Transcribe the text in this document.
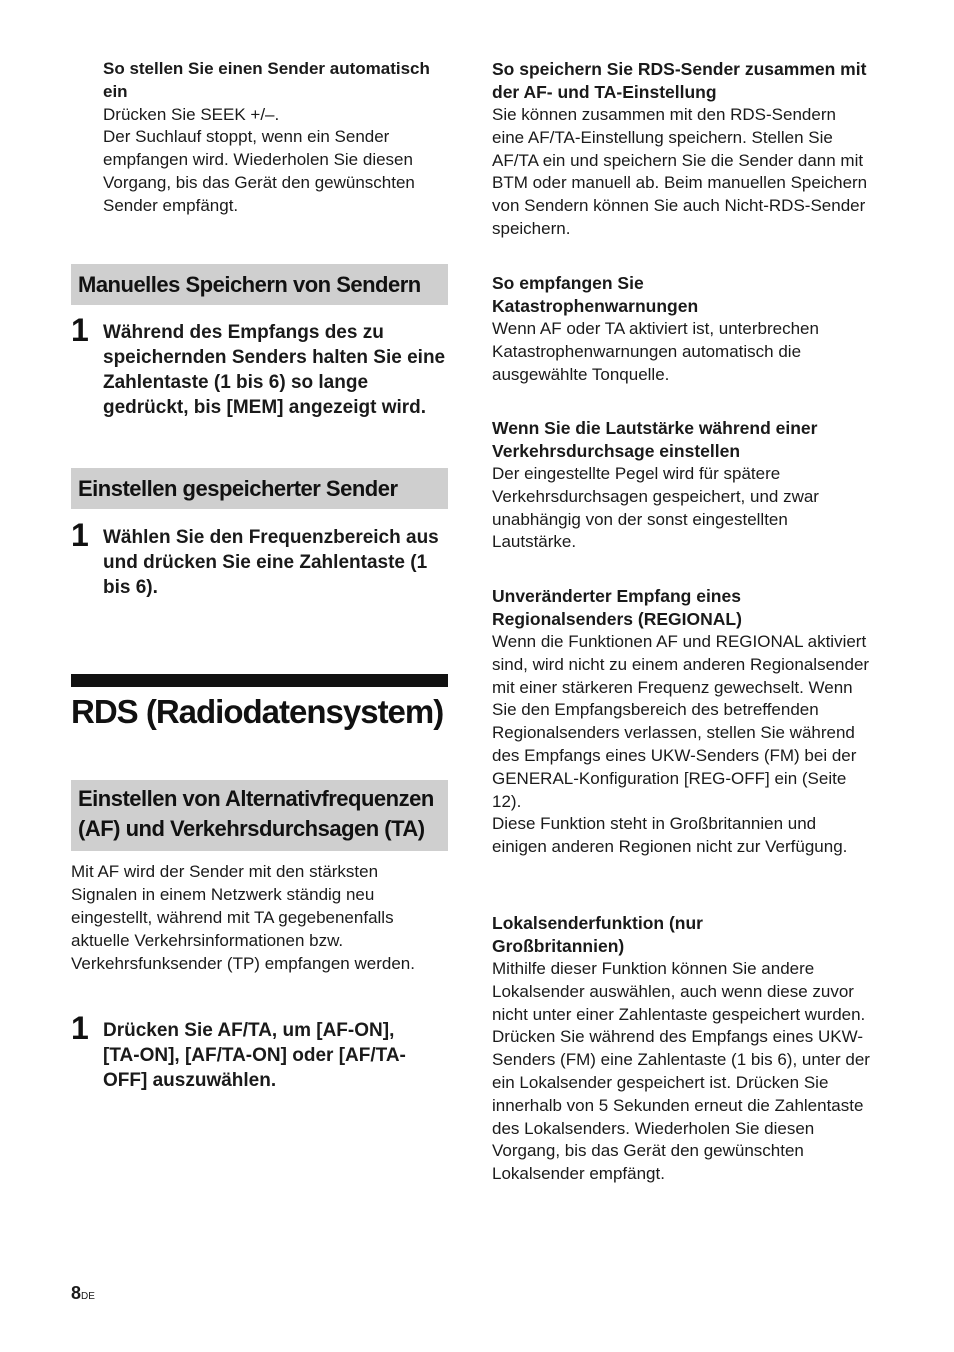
So stellen Sie einen Sender automatisch ein

Drücken Sie SEEK +/–.

Der Suchlauf stoppt, wenn ein Sender empfangen wird. Wiederholen Sie diesen Vorgang, bis das Gerät den gewünschten Sender empfängt.

Manuelles Speichern von Sendern
1 Während des Empfangs des zu speichernden Senders halten Sie eine Zahlentaste (1 bis 6) so lange gedrückt, bis [MEM] angezeigt wird.

Einstellen gespeicherter Sender
1 Wählen Sie den Frequenzbereich aus und drücken Sie eine Zahlentaste (1 bis 6).

RDS (Radiodatensystem)
Einstellen von Alternativfrequenzen
(AF) und Verkehrsdurchsagen (TA)

Mit AF wird der Sender mit den stärksten Signalen in einem Netzwerk ständig neu eingestellt, während mit TA gegebenenfalls aktuelle Verkehrsinformationen bzw. Verkehrsfunksender (TP) empfangen werden.

1 Drücken Sie AF/TA, um [AF-ON], [TA-ON], [AF/TA-ON] oder [AF/TA-OFF] auszuwählen.

8DE

So speichern Sie RDS-Sender zusammen mit der AF- und TA-Einstellung

Sie können zusammen mit den RDS-Sendern eine AF/TA-Einstellung speichern. Stellen Sie AF/TA ein und speichern Sie die Sender dann mit BTM oder manuell ab. Beim manuellen Speichern von Sendern können Sie auch Nicht-RDS-Sender speichern.

So empfangen Sie Katastrophenwarnungen

Wenn AF oder TA aktiviert ist, unterbrechen Katastrophenwarnungen automatisch die ausgewählte Tonquelle.

Wenn Sie die Lautstärke während einer Verkehrsdurchsage einstellen

Der eingestellte Pegel wird für spätere Verkehrsdurchsagen gespeichert, und zwar unabhängig von der sonst eingestellten Lautstärke.

Unveränderter Empfang eines Regionalsenders (REGIONAL)

Wenn die Funktionen AF und REGIONAL aktiviert sind, wird nicht zu einem anderen Regionalsender mit einer stärkeren Frequenz gewechselt. Wenn Sie den Empfangsbereich des betreffenden Regionalsenders verlassen, stellen Sie während des Empfangs eines UKW-Senders (FM) bei der GENERAL-Konfiguration [REG-OFF] ein (Seite 12).

Diese Funktion steht in Großbritannien und einigen anderen Regionen nicht zur Verfügung.

Lokalsenderfunktion (nur Großbritannien)

Mithilfe dieser Funktion können Sie andere Lokalsender auswählen, auch wenn diese zuvor nicht unter einer Zahlentaste gespeichert wurden.

Drücken Sie während des Empfangs eines UKW-Senders (FM) eine Zahlentaste (1 bis 6), unter der ein Lokalsender gespeichert ist. Drücken Sie innerhalb von 5 Sekunden erneut die Zahlentaste des Lokalsenders. Wiederholen Sie diesen Vorgang, bis das Gerät den gewünschten Lokalsender empfängt.
